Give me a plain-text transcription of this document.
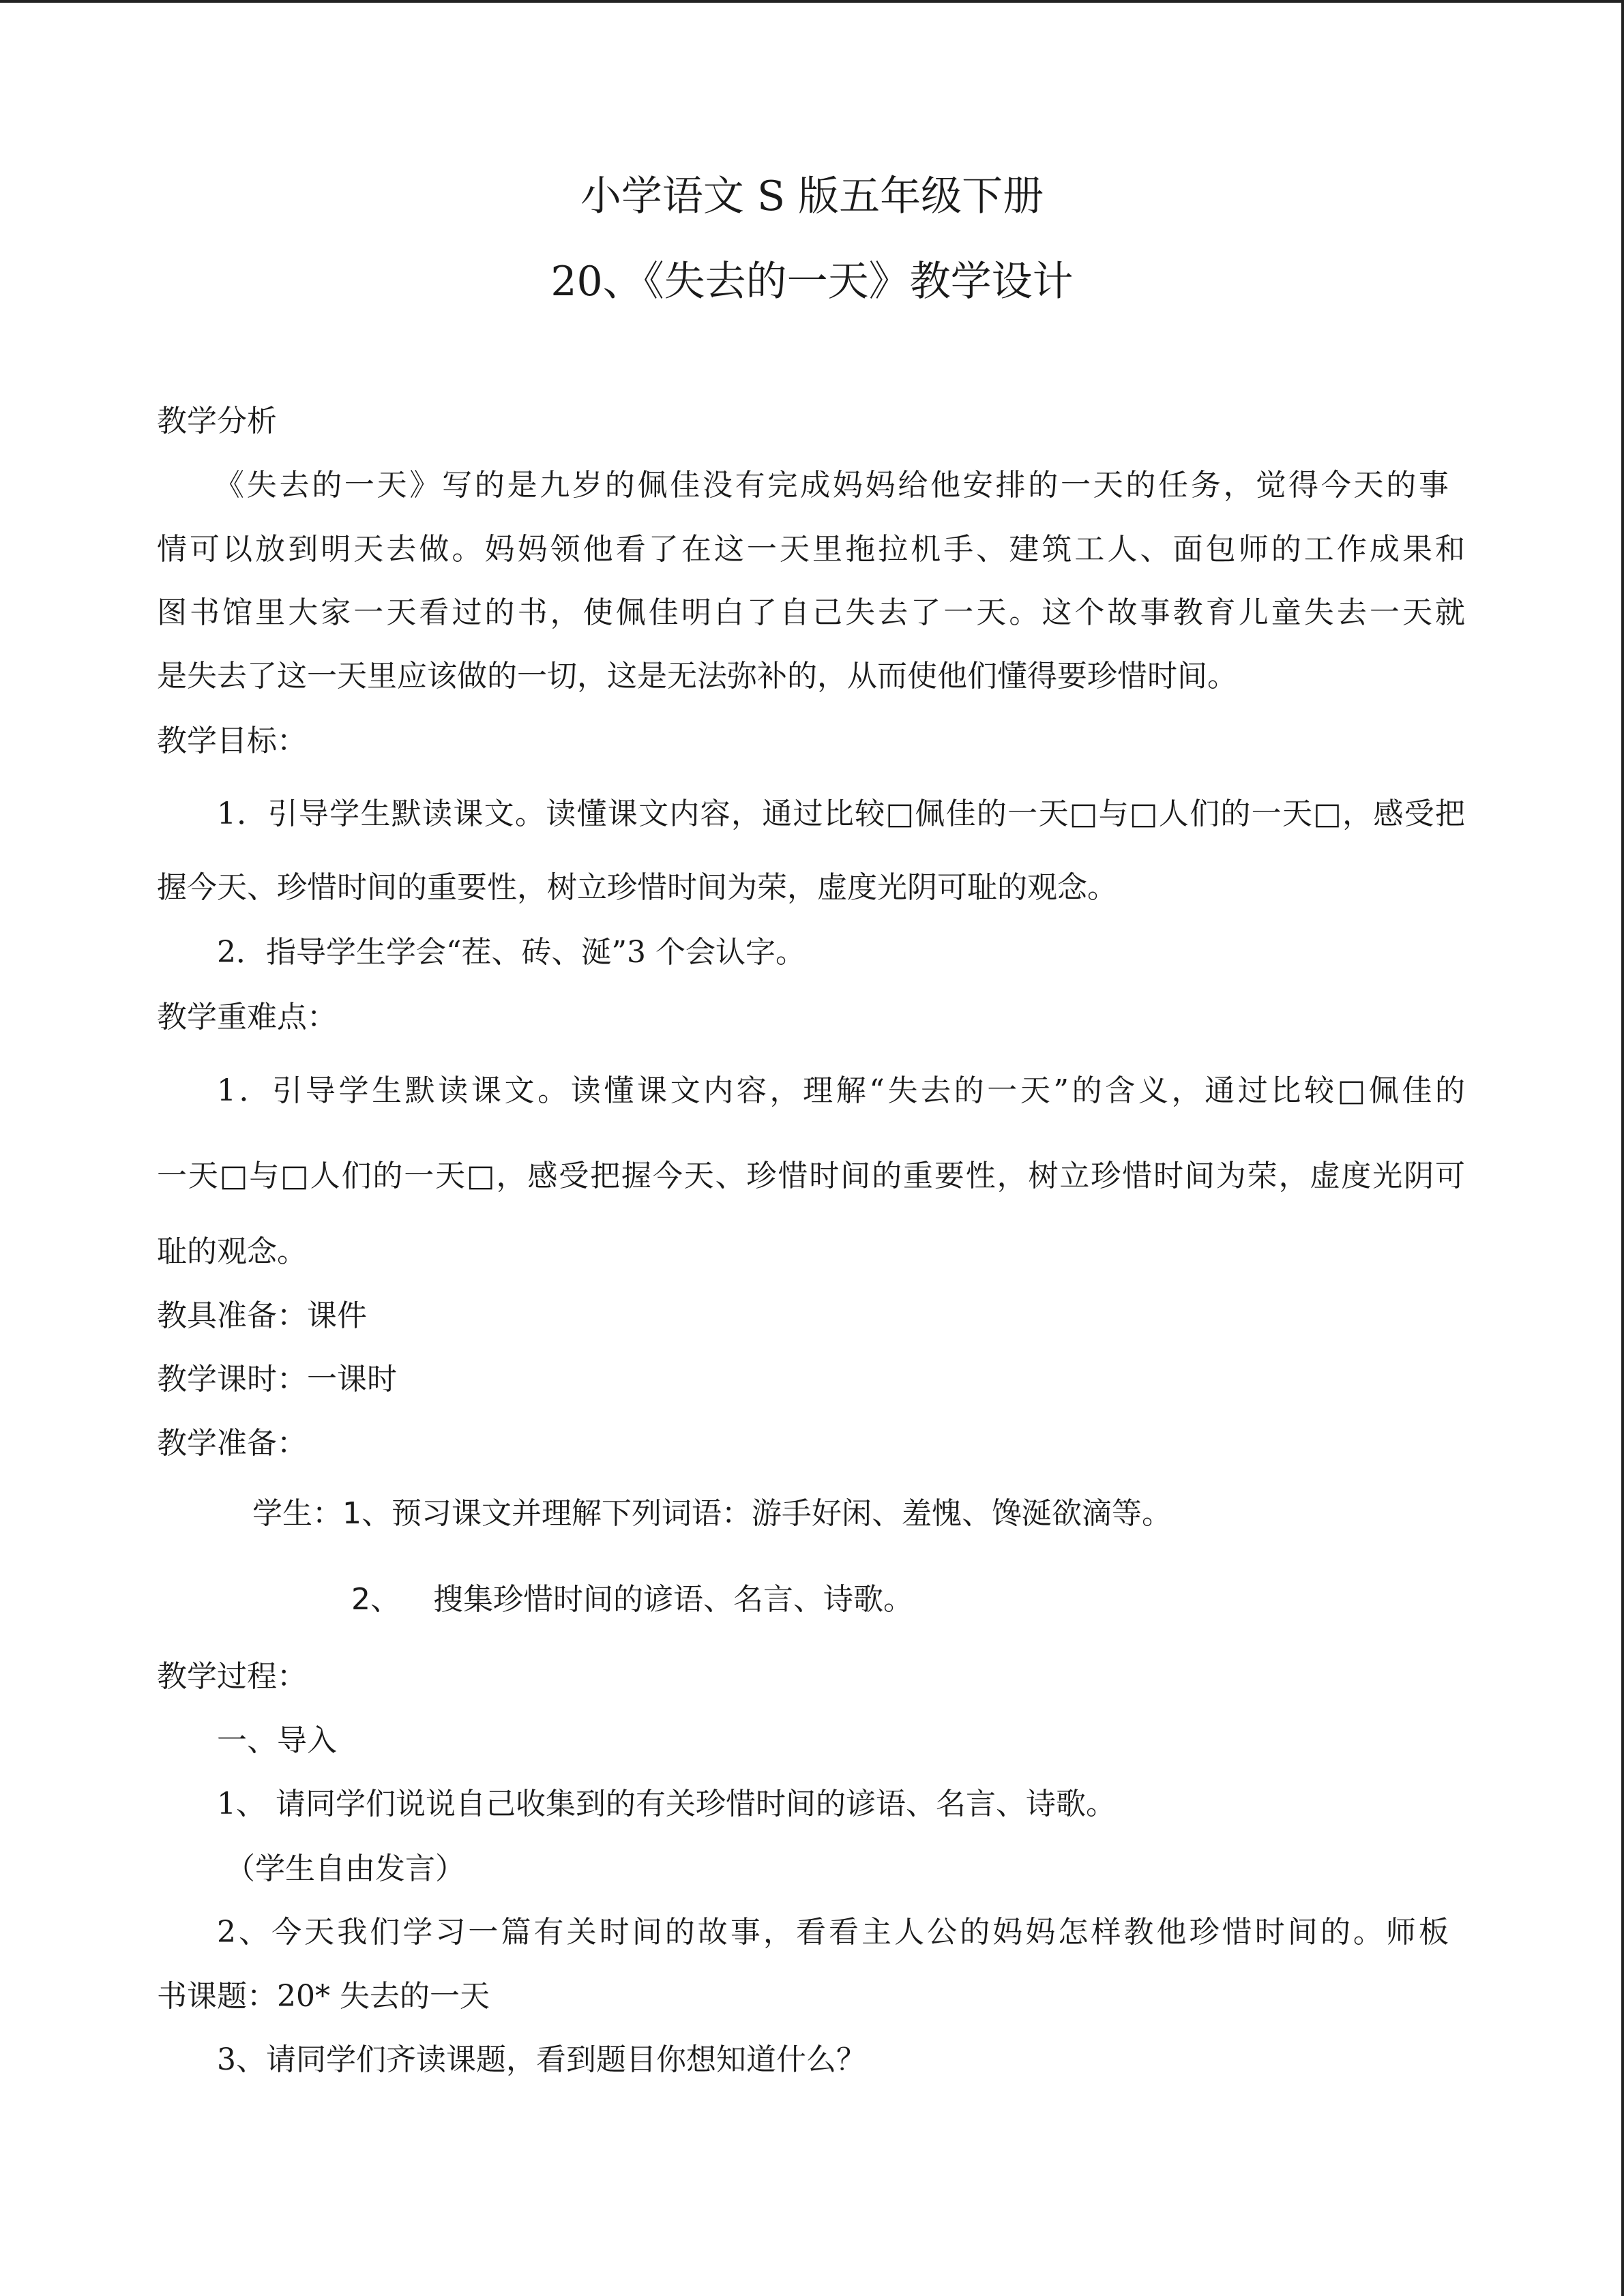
小学语文 S 版五年级下册
20、《失去的一天》教学设计
教学分析
《失去的一天》写的是九岁的佩佳没有完成妈妈给他安排的一天的任务，觉得今天的事
情可以放到明天去做。妈妈领他看了在这一天里拖拉机手、建筑工人、面包师的工作成果和
图书馆里大家一天看过的书，使佩佳明白了自己失去了一天。这个故事教育儿童失去一天就
是失去了这一天里应该做的一切，这是无法弥补的，从而使他们懂得要珍惜时间。
教学目标：
1．引导学生默读课文。读懂课文内容，通过比较□佩佳的一天□与□人们的一天□，感受把
握今天、珍惜时间的重要性，树立珍惜时间为荣，虚度光阴可耻的观念。
2．指导学生学会“茬、砖、涎”3 个会认字。
教学重难点：
1．引导学生默读课文。读懂课文内容，理解“失去的一天”的含义，通过比较□佩佳的
一天□与□人们的一天□，感受把握今天、珍惜时间的重要性，树立珍惜时间为荣，虚度光阴可
耻的观念。
教具准备：课件
教学课时：一课时
教学准备：
学生：1、预习课文并理解下列词语：游手好闲、羞愧、馋涎欲滴等。
2、 搜集珍惜时间的谚语、名言、诗歌。
教学过程：
一、导入
1、 请同学们说说自己收集到的有关珍惜时间的谚语、名言、诗歌。
（学生自由发言）
2、今天我们学习一篇有关时间的故事，看看主人公的妈妈怎样教他珍惜时间的。师板
书课题：20* 失去的一天
3、请同学们齐读课题，看到题目你想知道什么？
